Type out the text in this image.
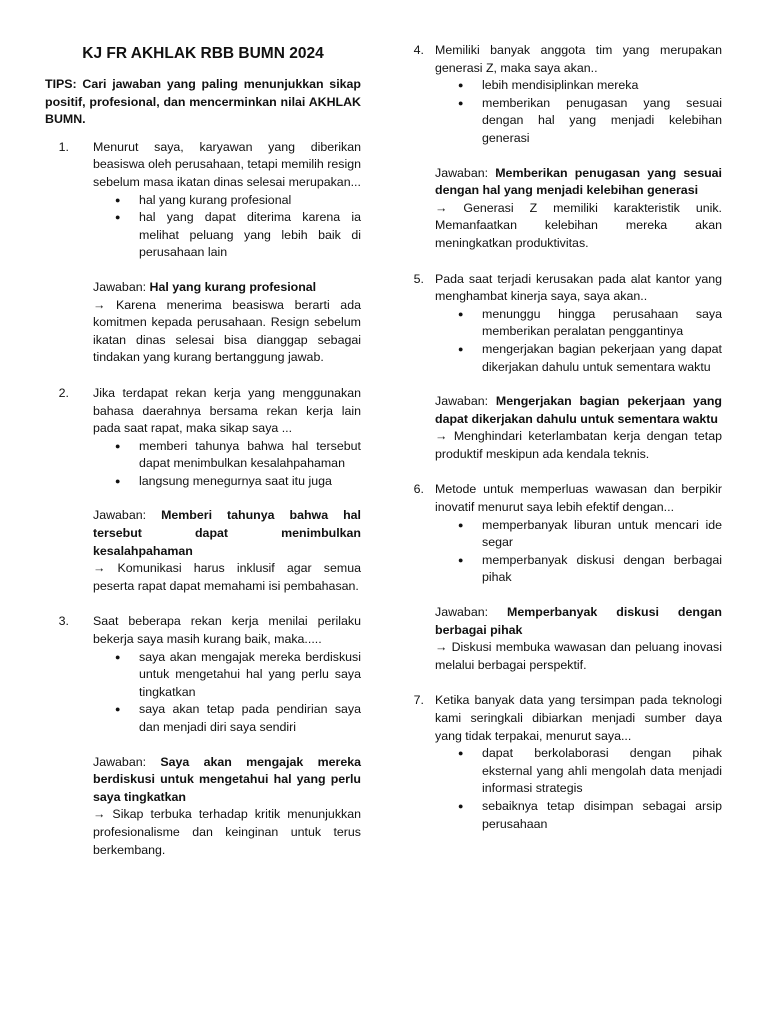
KJ FR AKHLAK RBB BUMN 2024
TIPS: Cari jawaban yang paling menunjukkan sikap positif, profesional, dan mencerminkan nilai AKHLAK BUMN.
1. Menurut saya, karyawan yang diberikan beasiswa oleh perusahaan, tetapi memilih resign sebelum masa ikatan dinas selesai merupakan...
●	hal yang kurang profesional
●	hal yang dapat diterima karena ia melihat peluang yang lebih baik di perusahaan lain
Jawaban: Hal yang kurang profesional
→ Karena menerima beasiswa berarti ada komitmen kepada perusahaan. Resign sebelum ikatan dinas selesai bisa dianggap sebagai tindakan yang kurang bertanggung jawab.
2. Jika terdapat rekan kerja yang menggunakan bahasa daerahnya bersama rekan kerja lain pada saat rapat, maka sikap saya ...
●	memberi tahunya bahwa hal tersebut dapat menimbulkan kesalahpahaman
●	langsung menegurnya saat itu juga
Jawaban: Memberi tahunya bahwa hal tersebut dapat menimbulkan kesalahpahaman
→ Komunikasi harus inklusif agar semua peserta rapat dapat memahami isi pembahasan.
3. Saat beberapa rekan kerja menilai perilaku bekerja saya masih kurang baik, maka.....
●	saya akan mengajak mereka berdiskusi untuk mengetahui hal yang perlu saya tingkatkan
●	saya akan tetap pada pendirian saya dan menjadi diri saya sendiri
Jawaban: Saya akan mengajak mereka berdiskusi untuk mengetahui hal yang perlu saya tingkatkan
→ Sikap terbuka terhadap kritik menunjukkan profesionalisme dan keinginan untuk terus berkembang.
4. Memiliki banyak anggota tim yang merupakan generasi Z, maka saya akan..
●	lebih mendisiplinkan mereka
●	memberikan penugasan yang sesuai dengan hal yang menjadi kelebihan generasi
Jawaban: Memberikan penugasan yang sesuai dengan hal yang menjadi kelebihan generasi
→ Generasi Z memiliki karakteristik unik. Memanfaatkan kelebihan mereka akan meningkatkan produktivitas.
5. Pada saat terjadi kerusakan pada alat kantor yang menghambat kinerja saya, saya akan..
●	menunggu hingga perusahaan saya memberikan peralatan penggantinya
●	mengerjakan bagian pekerjaan yang dapat dikerjakan dahulu untuk sementara waktu
Jawaban: Mengerjakan bagian pekerjaan yang dapat dikerjakan dahulu untuk sementara waktu
→ Menghindari keterlambatan kerja dengan tetap produktif meskipun ada kendala teknis.
6. Metode untuk memperluas wawasan dan berpikir inovatif menurut saya lebih efektif dengan...
●	memperbanyak liburan untuk mencari ide segar
●	memperbanyak diskusi dengan berbagai pihak
Jawaban: Memperbanyak diskusi dengan berbagai pihak
→ Diskusi membuka wawasan dan peluang inovasi melalui berbagai perspektif.
7. Ketika banyak data yang tersimpan pada teknologi kami seringkali dibiarkan menjadi sumber daya yang tidak terpakai, menurut saya...
●	dapat berkolaborasi dengan pihak eksternal yang ahli mengolah data menjadi informasi strategis
●	sebaiknya tetap disimpan sebagai arsip perusahaan
